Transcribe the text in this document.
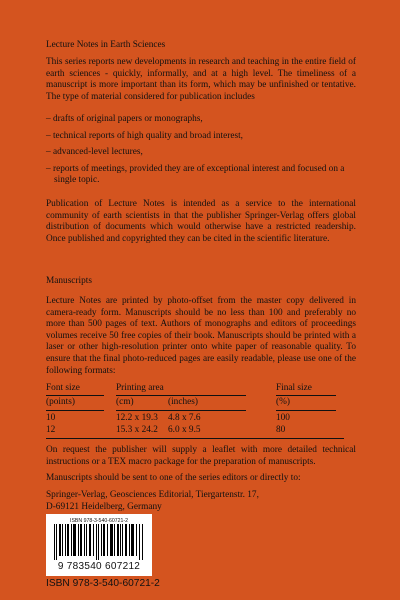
Lecture Notes in Earth Sciences

This series reports new developments in research and teaching in the entire field of earth sciences - quickly, informally, and at a high level. The timeliness of a manuscript is more important than its form, which may be unfinished or tentative. The type of material considered for publication includes

– drafts of original papers or monographs,

– technical reports of high quality and broad interest,

– advanced-level lectures,

– reports of meetings, provided they are of exceptional interest and focused on a single topic.

Publication of Lecture Notes is intended as a service to the international community of earth scientists in that the publisher Springer-Verlag offers global distribution of documents which would otherwise have a restricted readership. Once published and copyrighted they can be cited in the scientific literature.

Manuscripts

Lecture Notes are printed by photo-offset from the master copy delivered in camera-ready form. Manuscripts should be no less than 100 and preferably no more than 500 pages of text. Authors of monographs and editors of proceedings volumes receive 50 free copies of their book. Manuscripts should be printed with a laser or other high-resolution printer onto white paper of reasonable quality. To ensure that the final photo-reduced pages are easily readable, please use one of the following formats:

Font size	Printing area	Final size
(points)	(cm)	(inches)	(%)
10	12.2 x 19.3 4.8 x 7.6	100
12	15.3 x 24.2 6.0 x 9.5	80

On request the publisher will supply a leaflet with more detailed technical instructions or a TEX macro package for the preparation of manuscripts.

Manuscripts should be sent to one of the series editors or directly to:

Springer-Verlag, Geosciences Editorial, Tiergartenstr. 17,

D-69121 Heidelberg, Germany

ISBN 978-3-540-60721-2
9 783540 607212
ISBN 978-3-540-60721-2
